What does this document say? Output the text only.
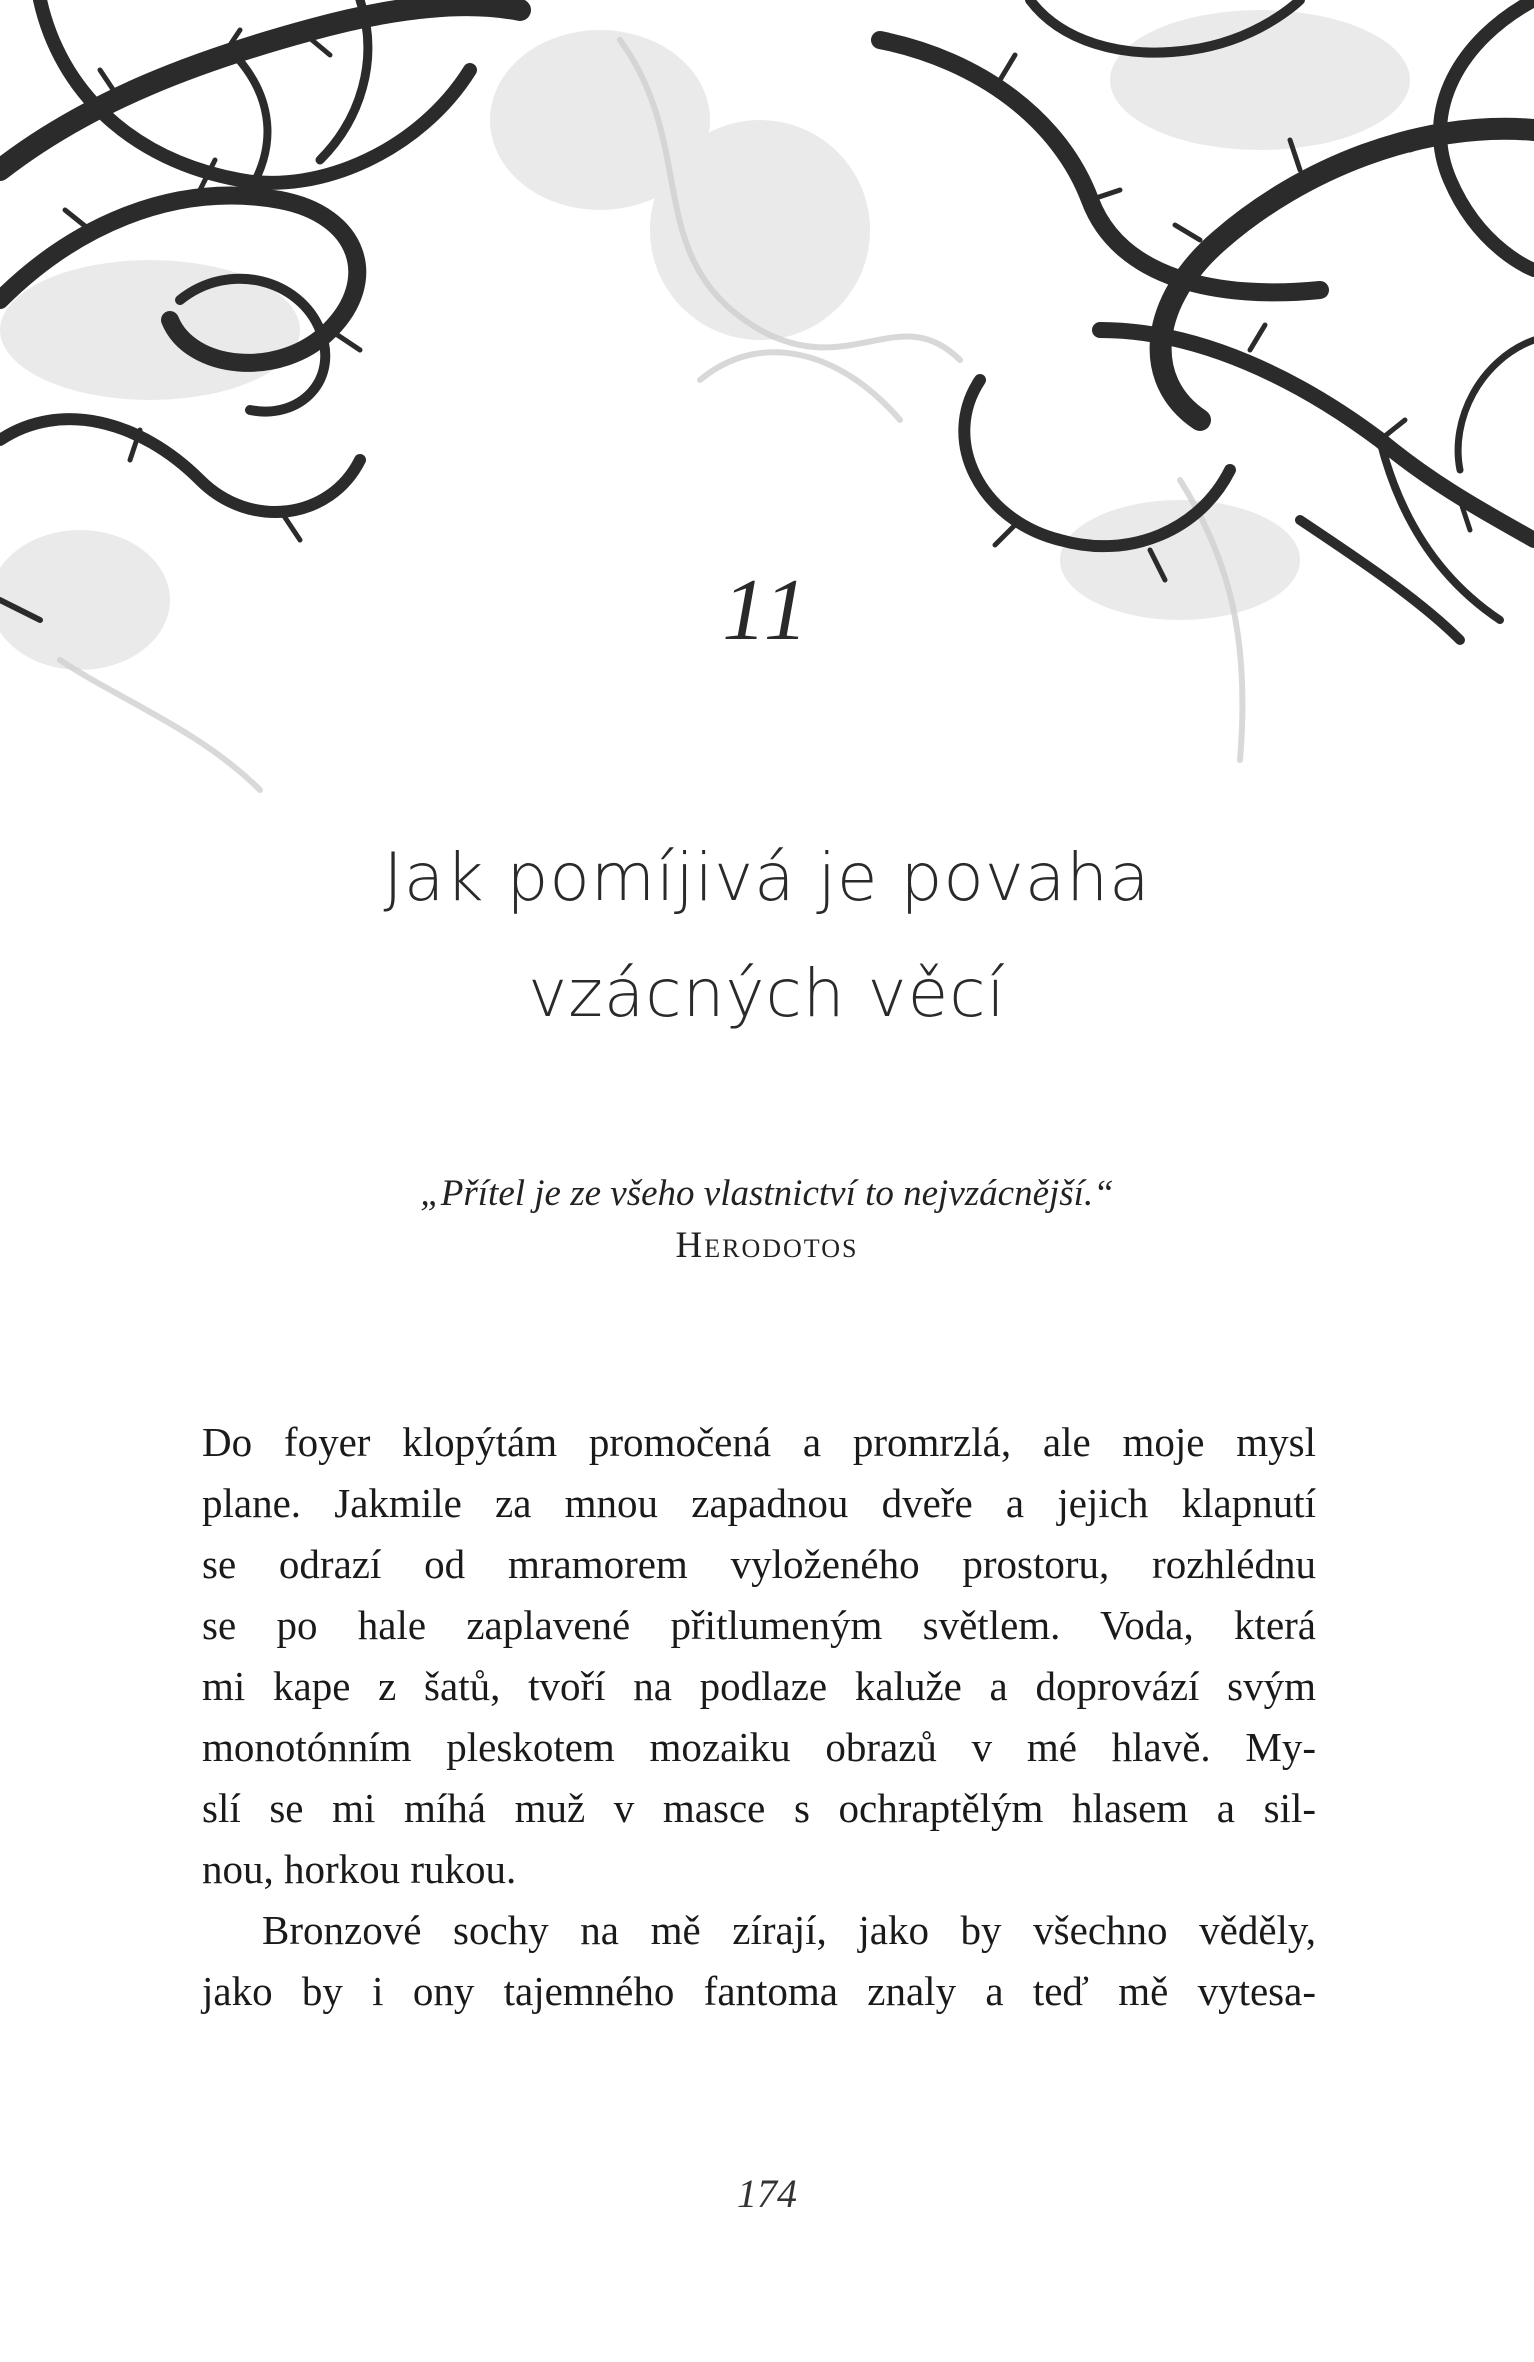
11
Jak pomíjivá je povaha
vzácných věcí
„Přítel je ze všeho vlastnictví to nejvzácnější.“
Herodotos
Do foyer klopýtám promočená a promrzlá, ale moje mysl
plane. Jakmile za mnou zapadnou dveře a jejich klapnutí
se odrazí od mramorem vyloženého prostoru, rozhlédnu
se po hale zaplavené přitlumeným světlem. Voda, která
mi kape z šatů, tvoří na podlaze kaluže a doprovází svým
monotónním pleskotem mozaiku obrazů v mé hlavě. My-
slí se mi míhá muž v masce s ochraptělým hlasem a sil-
nou, horkou rukou.
Bronzové sochy na mě zírají, jako by všechno věděly,
jako by i ony tajemného fantoma znaly a teď mě vytesa-
174
